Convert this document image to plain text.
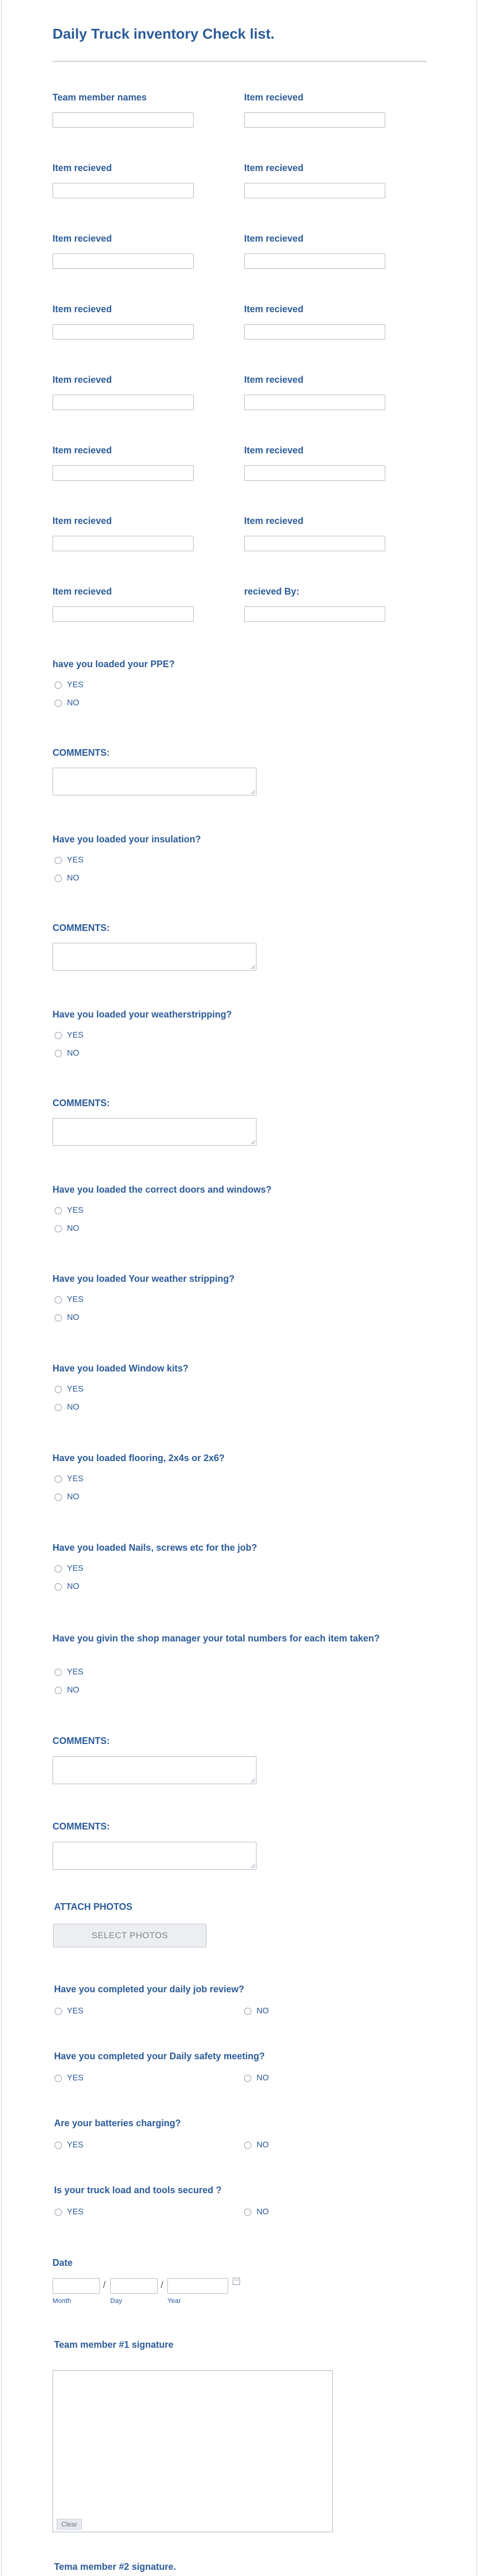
Daily Truck inventory Check list.
Team member names	Item recieved
Item recieved	Item recieved
Item recieved	Item recieved
Item recieved	Item recieved
Item recieved	Item recieved
Item recieved	Item recieved
Item recieved	Item recieved
Item recieved	recieved By:
have you loaded your PPE?
YES
NO
COMMENTS:
Have you loaded your insulation?
YES
NO
COMMENTS:
Have you loaded your weatherstripping?
YES
NO
COMMENTS:
Have you loaded the correct doors and windows?
YES
NO
Have you loaded Your weather stripping?
YES
NO
Have you loaded Window kits?
YES
NO
Have you loaded flooring, 2x4s or 2x6?
YES
NO
Have you loaded Nails, screws etc for the job?
YES
NO
Have you givin the shop manager your total numbers for each item taken?
YES
NO
COMMENTS:
COMMENTS:
ATTACH PHOTOS
SELECT PHOTOS
Have you completed your daily job review?
YES	NO
Have you completed your Daily safety meeting?
YES	NO
Are your batteries charging?
YES	NO
Is your truck load and tools secured ?
YES	NO
Date
/	/
Month	Day	Year
Team member #1 signature
Clear
Tema member #2 signature.
